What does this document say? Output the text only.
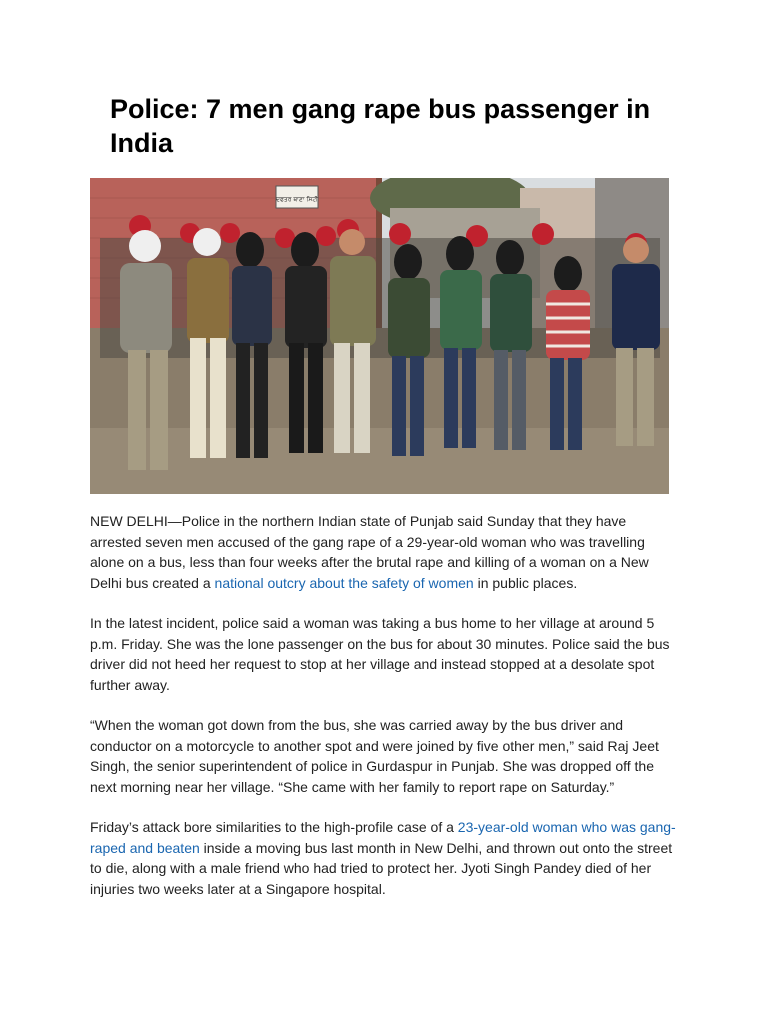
Police: 7 men gang rape bus passenger in India
ਦਫਤਰ ਥਾਣਾ ਸਿਟੀ

NEW DELHI—Police in the northern Indian state of Punjab said Sunday that they have arrested seven men accused of the gang rape of a 29-year-old woman who was travelling alone on a bus, less than four weeks after the brutal rape and killing of a woman on a New Delhi bus created a national outcry about the safety of women in public places.

In the latest incident, police said a woman was taking a bus home to her village at around 5 p.m. Friday. She was the lone passenger on the bus for about 30 minutes. Police said the bus driver did not heed her request to stop at her village and instead stopped at a desolate spot further away.

“When the woman got down from the bus, she was carried away by the bus driver and conductor on a motorcycle to another spot and were joined by five other men,” said Raj Jeet Singh, the senior superintendent of police in Gurdaspur in Punjab. She was dropped off the next morning near her village. “She came with her family to report rape on Saturday.”

Friday’s attack bore similarities to the high-profile case of a 23-year-old woman who was gang-raped and beaten inside a moving bus last month in New Delhi, and thrown out onto the street to die, along with a male friend who had tried to protect her. Jyoti Singh Pandey died of her injuries two weeks later at a Singapore hospital.
